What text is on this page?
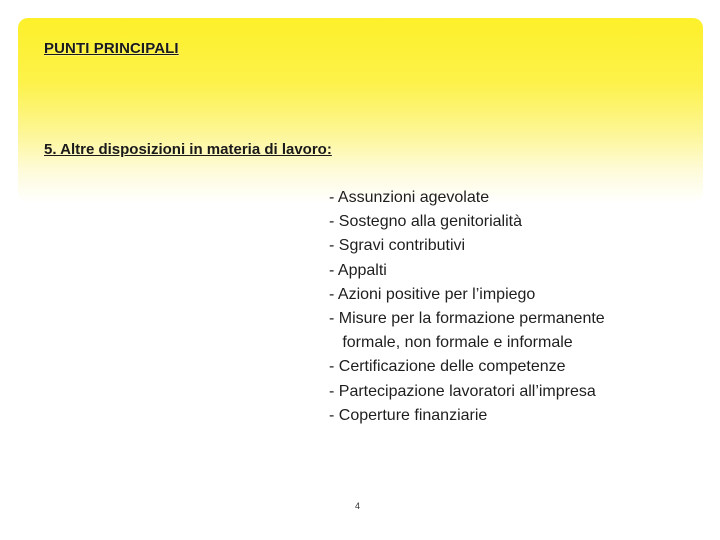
PUNTI PRINCIPALI
5. Altre disposizioni in materia di lavoro:
- Assunzioni agevolate
- Sostegno alla genitorialità
- Sgravi contributivi
- Appalti
- Azioni positive per l’impiego
- Misure per la formazione permanente
formale, non formale e informale
- Certificazione delle competenze
- Partecipazione lavoratori all’impresa
- Coperture finanziarie
4
